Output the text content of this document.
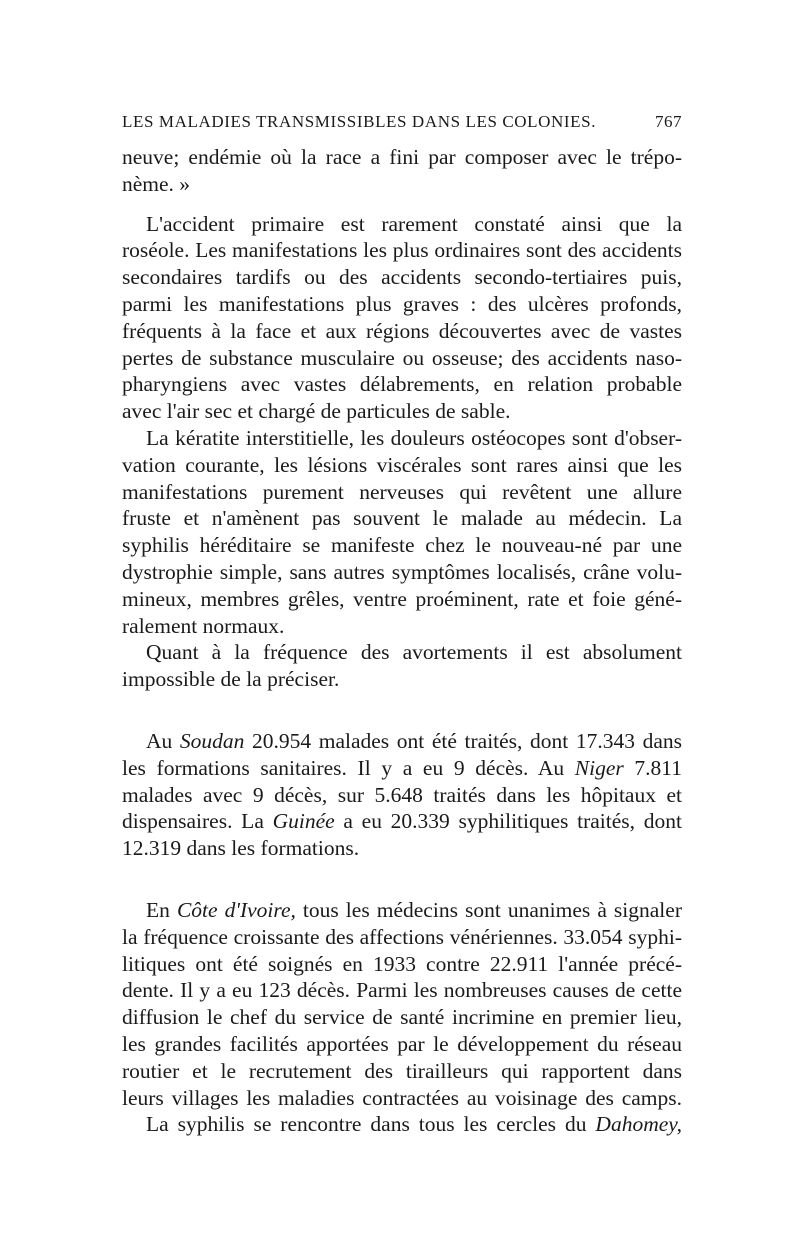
LES MALADIES TRANSMISSIBLES DANS LES COLONIES.	767

neuve; endémie où la race a fini par composer avec le trépo-
nème. »

L'accident primaire est rarement constaté ainsi que la
roséole. Les manifestations les plus ordinaires sont des accidents
secondaires tardifs ou des accidents secondo-tertiaires puis,
parmi les manifestations plus graves : des ulcères profonds,
fréquents à la face et aux régions découvertes avec de vastes
pertes de substance musculaire ou osseuse; des accidents naso-
pharyngiens avec vastes délabrements, en relation probable
avec l'air sec et chargé de particules de sable.

La kératite interstitielle, les douleurs ostéocopes sont d'obser-
vation courante, les lésions viscérales sont rares ainsi que les
manifestations purement nerveuses qui revêtent une allure
fruste et n'amènent pas souvent le malade au médecin. La
syphilis héréditaire se manifeste chez le nouveau-né par une
dystrophie simple, sans autres symptômes localisés, crâne volu-
mineux, membres grêles, ventre proéminent, rate et foie géné-
ralement normaux.

Quant à la fréquence des avortements il est absolument
impossible de la préciser.

Au Soudan 20.954 malades ont été traités, dont 17.343 dans
les formations sanitaires. Il y a eu 9 décès. Au Niger 7.811
malades avec 9 décès, sur 5.648 traités dans les hôpitaux et
dispensaires. La Guinée a eu 20.339 syphilitiques traités, dont
12.319 dans les formations.

En Côte d'Ivoire, tous les médecins sont unanimes à signaler
la fréquence croissante des affections vénériennes. 33.054 syphi-
litiques ont été soignés en 1933 contre 22.911 l'année précé-
dente. Il y a eu 123 décès. Parmi les nombreuses causes de cette
diffusion le chef du service de santé incrimine en premier lieu,
les grandes facilités apportées par le développement du réseau
routier et le recrutement des tirailleurs qui rapportent dans
leurs villages les maladies contractées au voisinage des camps.

La syphilis se rencontre dans tous les cercles du Dahomey,
